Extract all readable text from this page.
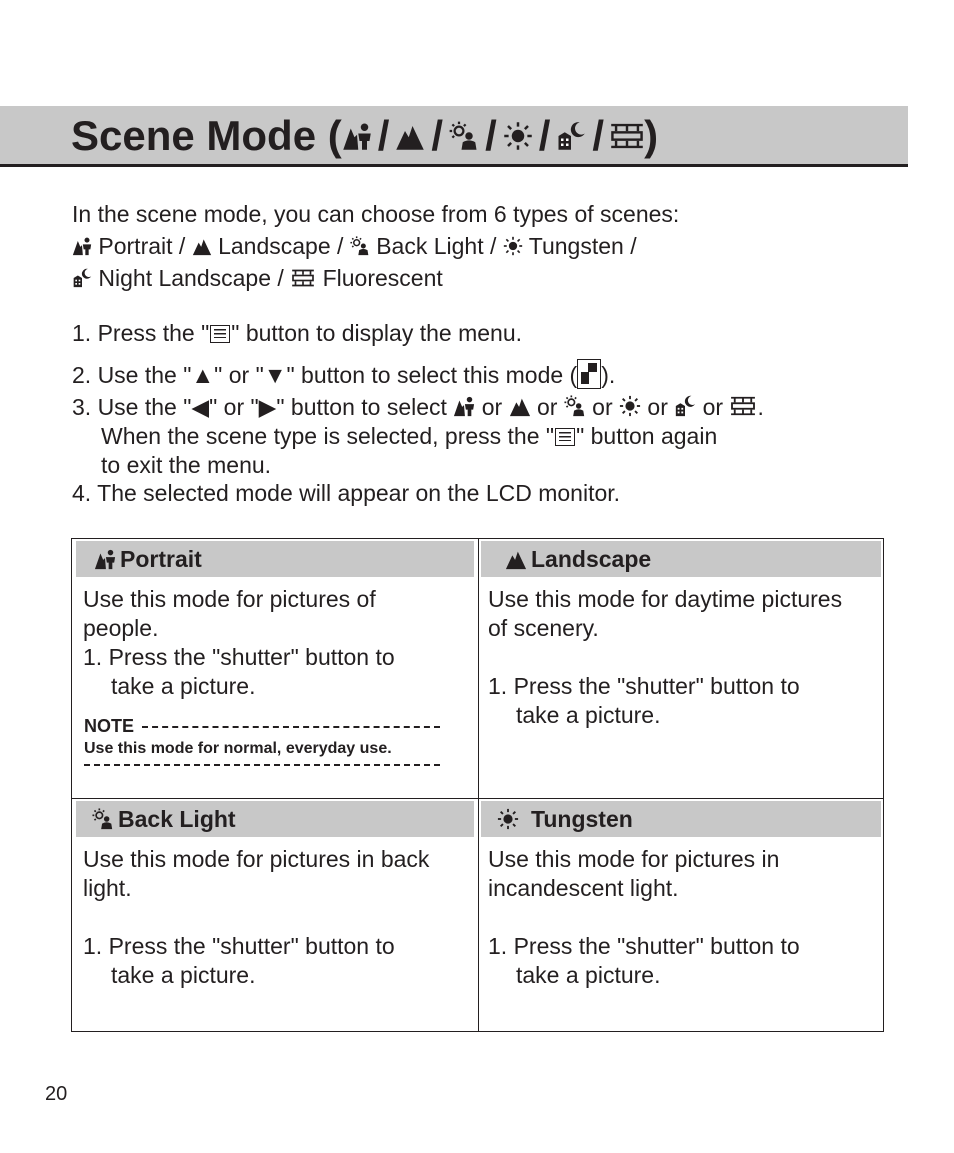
Scene Mode ( / / / / / )
In the scene mode, you can choose from 6 types of scenes:
Portrait /  Landscape /  Back Light /  Tungsten /
Night Landscape /  Fluorescent
1. Press the " " button to display the menu.
2. Use the "▲" or "▼" button to select this mode ( ).
3. Use the "◀" or "▶" button to select or or or or or .
When the scene type is selected, press the " " button again
to exit the menu.
4. The selected mode will appear on the LCD monitor.
Portrait
Use this mode for pictures of
people.
1. Press the "shutter" button to
take a picture.
NOTE
Use this mode for normal, everyday use.
Landscape
Use this mode for daytime pictures
of scenery.
1. Press the "shutter" button to
take a picture.
Back Light
Use this mode for pictures in back
light.
1. Press the "shutter" button to
take a picture.
Tungsten
Use this mode for pictures in
incandescent light.
1. Press the "shutter" button to
take a picture.
20
